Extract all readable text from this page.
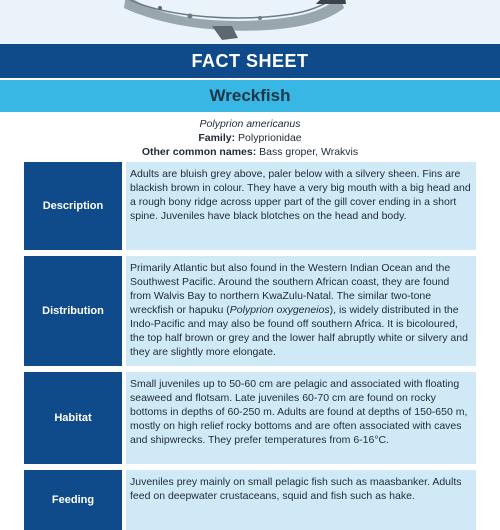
FACT SHEET
Wreckfish
Polyprion americanus
Family: Polyprionidae
Other common names: Bass groper, Wrakvis
Description
Adults are bluish grey above, paler below with a silvery sheen. Fins are blackish brown in colour. They have a very big mouth with a big head and a rough bony ridge across upper part of the gill cover ending in a short spine. Juveniles have black blotches on the head and body.
Distribution
Primarily Atlantic but also found in the Western Indian Ocean and the Southwest Pacific. Around the southern African coast, they are found from Walvis Bay to northern KwaZulu-Natal. The similar two-tone wreckfish or hapuku (Polyprion oxygeneios), is widely distributed in the Indo-Pacific and may also be found off southern Africa. It is bicoloured, the top half brown or grey and the lower half abruptly white or silvery and they are slightly more elongate.
Habitat
Small juveniles up to 50-60 cm are pelagic and associated with floating seaweed and flotsam. Late juveniles 60-70 cm are found on rocky bottoms in depths of 60-250 m. Adults are found at depths of 150-650 m, mostly on high relief rocky bottoms and are often associated with caves and shipwrecks. They prefer temperatures from 6-16°C.
Feeding
Juveniles prey mainly on small pelagic fish such as maasbanker. Adults feed on deepwater crustaceans, squid and fish such as hake.
